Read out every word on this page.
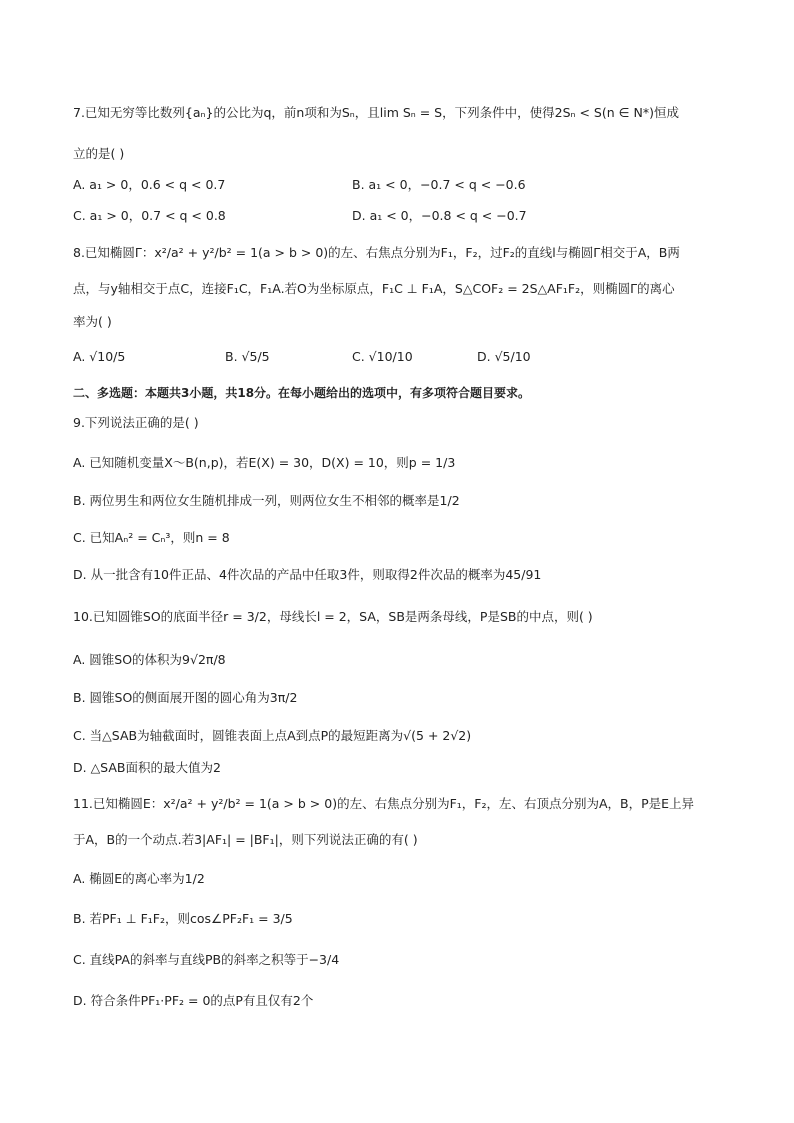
7.已知无穷等比数列{aₙ}的公比为q，前n项和为Sₙ，且lim Sₙ = S，下列条件中，使得2Sₙ < S(n ∈ N*)恒成
立的是( )
A. a₁ > 0，0.6 < q < 0.7	B. a₁ < 0，−0.7 < q < −0.6
C. a₁ > 0，0.7 < q < 0.8	D. a₁ < 0，−0.8 < q < −0.7
8.已知椭圆Γ：x²/a² + y²/b² = 1(a > b > 0)的左、右焦点分别为F₁，F₂，过F₂的直线l与椭圆Γ相交于A，B两
点，与y轴相交于点C，连接F₁C，F₁A.若O为坐标原点，F₁C ⊥ F₁A，S△COF₂ = 2S△AF₁F₂，则椭圆Γ的离心
率为( )
A. √10/5	B. √5/5	C. √10/10	D. √5/10
二、多选题：本题共3小题，共18分。在每小题给出的选项中，有多项符合题目要求。
9.下列说法正确的是( )
A. 已知随机变量X～B(n,p)，若E(X) = 30，D(X) = 10，则p = 1/3
B. 两位男生和两位女生随机排成一列，则两位女生不相邻的概率是1/2
C. 已知Aₙ² = Cₙ³，则n = 8
D. 从一批含有10件正品、4件次品的产品中任取3件，则取得2件次品的概率为45/91
10.已知圆锥SO的底面半径r = 3/2，母线长l = 2，SA，SB是两条母线，P是SB的中点，则( )
A. 圆锥SO的体积为9√2π/8
B. 圆锥SO的侧面展开图的圆心角为3π/2
C. 当△SAB为轴截面时，圆锥表面上点A到点P的最短距离为√(5 + 2√2)
D. △SAB面积的最大值为2
11.已知椭圆E：x²/a² + y²/b² = 1(a > b > 0)的左、右焦点分别为F₁，F₂，左、右顶点分别为A，B，P是E上异
于A，B的一个动点.若3|AF₁| = |BF₁|，则下列说法正确的有( )
A. 椭圆E的离心率为1/2
B. 若PF₁ ⊥ F₁F₂，则cos∠PF₂F₁ = 3/5
C. 直线PA的斜率与直线PB的斜率之积等于−3/4
D. 符合条件PF₁·PF₂ = 0的点P有且仅有2个
